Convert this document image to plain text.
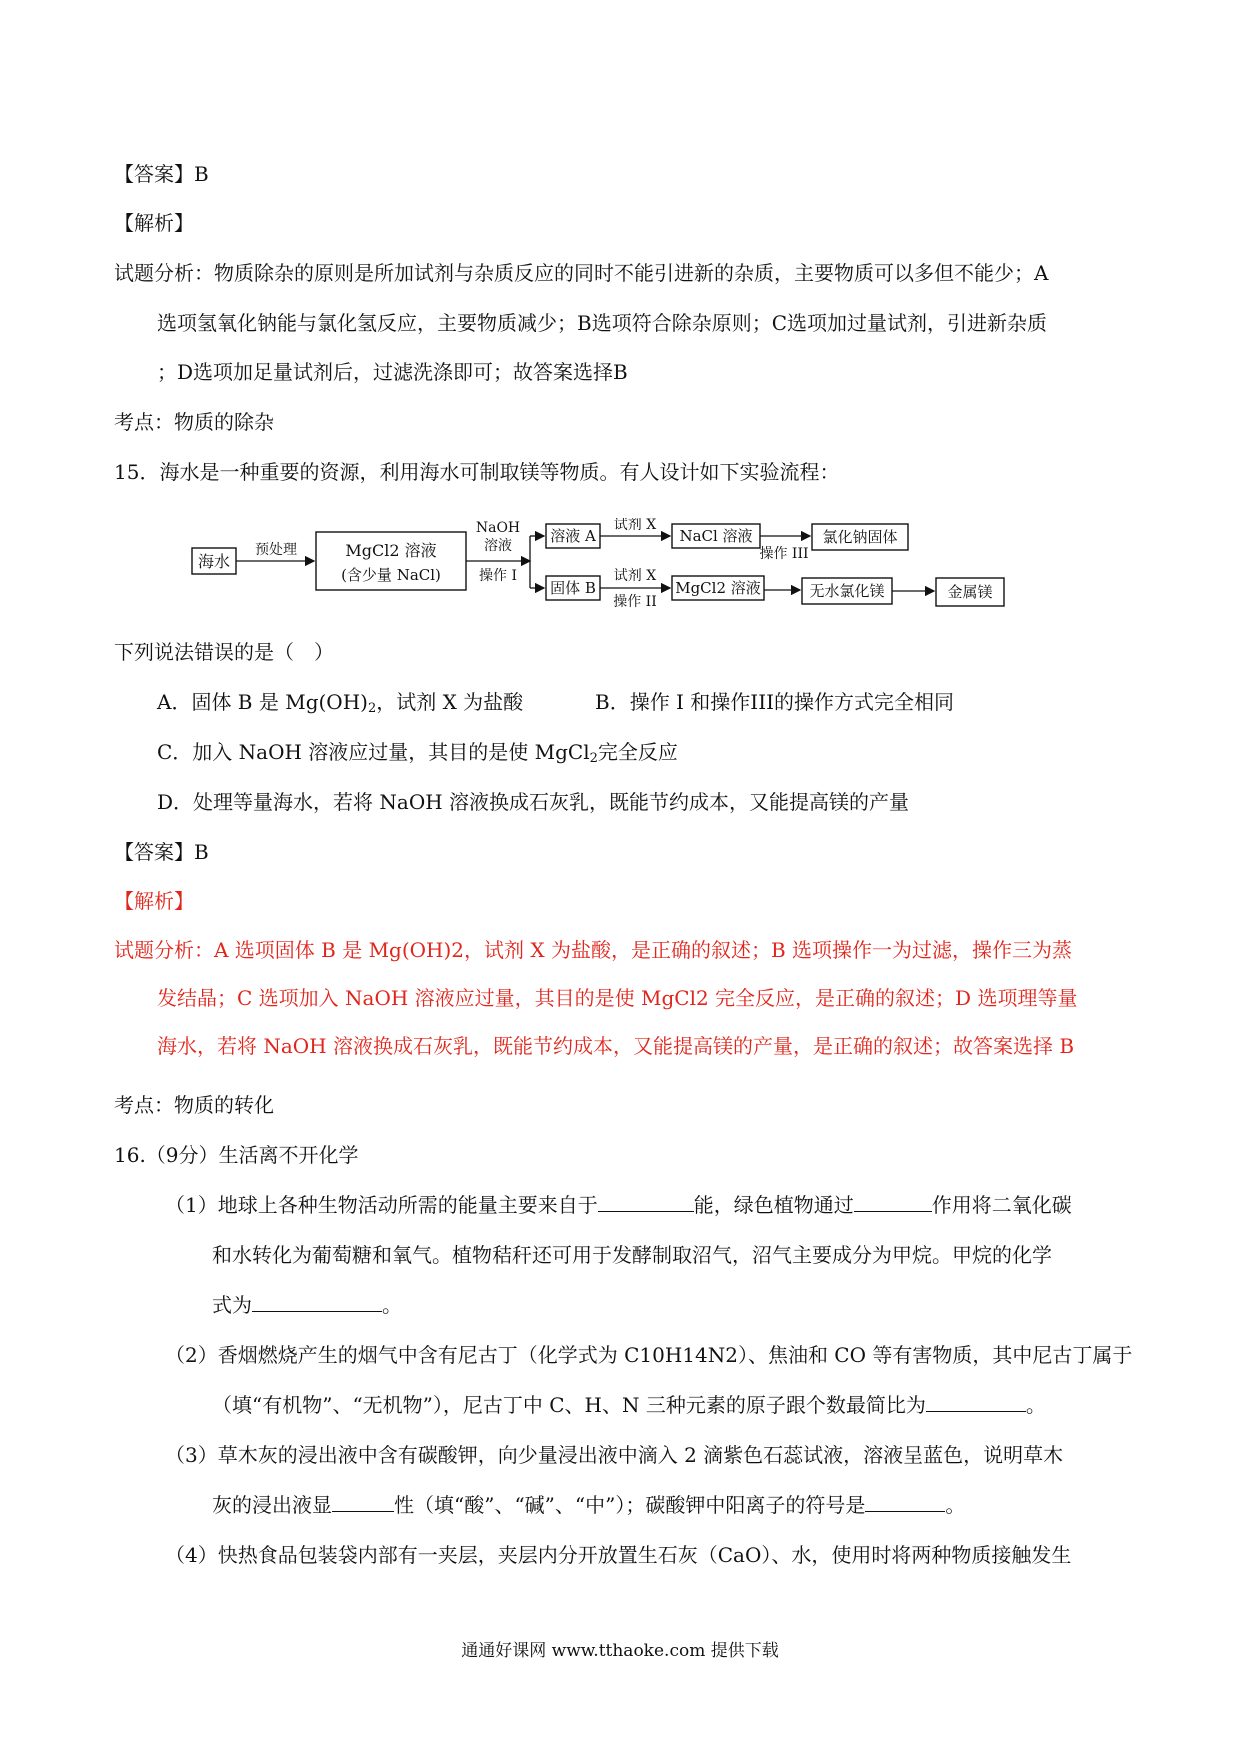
【答案】B
【解析】
试题分析：物质除杂的原则是所加试剂与杂质反应的同时不能引进新的杂质，主要物质可以多但不能少；A
选项氢氧化钠能与氯化氢反应，主要物质减少；B选项符合除杂原则；C选项加过量试剂，引进新杂质
；D选项加足量试剂后，过滤洗涤即可；故答案选择B
考点：物质的除杂
15．海水是一种重要的资源，利用海水可制取镁等物质。有人设计如下实验流程：
海水
预处理	MgCl2 溶液
(含少量 NaCl)
NaOH
溶液
操作 I
溶液 A
试剂 X
NaCl 溶液
操作 III
氯化钠固体
固体 B
试剂 X
操作 II
MgCl2 溶液	无水氯化镁	金属镁
下列说法错误的是（　）
A．固体 B 是 $Mg(OH)_2$，试剂 X 为盐酸	B．操作 I 和操作III的操作方式完全相同
C．加入 NaOH 溶液应过量，其目的是使 MgCl$_2$完全反应
D．处理等量海水，若将 NaOH 溶液换成石灰乳，既能节约成本，又能提高镁的产量
【答案】B
【解析】
试题分析：A 选项固体 B 是 Mg(OH)2，试剂 X 为盐酸，是正确的叙述；B 选项操作一为过滤，操作三为蒸
发结晶；C 选项加入 NaOH 溶液应过量，其目的是使 MgCl2 完全反应，是正确的叙述；D 选项理等量
海水，若将 NaOH 溶液换成石灰乳，既能节约成本，又能提高镁的产量，是正确的叙述；故答案选择 B
考点：物质的转化
16.（9分）生活离不开化学
（1）地球上各种生物活动所需的能量主要来自于	能，绿色植物通过	作用将二氧化碳
和水转化为葡萄糖和氧气。植物秸秆还可用于发酵制取沼气，沼气主要成分为甲烷。甲烷的化学
式为	。
（2）香烟燃烧产生的烟气中含有尼古丁（化学式为 C10H14N2）、焦油和 CO 等有害物质，其中尼古丁属于
（填“有机物”、“无机物”），尼古丁中 C、H、N 三种元素的原子跟个数最简比为	。
（3）草木灰的浸出液中含有碳酸钾，向少量浸出液中滴入 2 滴紫色石蕊试液，溶液呈蓝色，说明草木
灰的浸出液显	性（填“酸”、“碱”、“中”）；碳酸钾中阳离子的符号是	。
（4）快热食品包装袋内部有一夹层，夹层内分开放置生石灰（CaO）、水，使用时将两种物质接触发生
通通好课网 www.tthaoke.com 提供下载
